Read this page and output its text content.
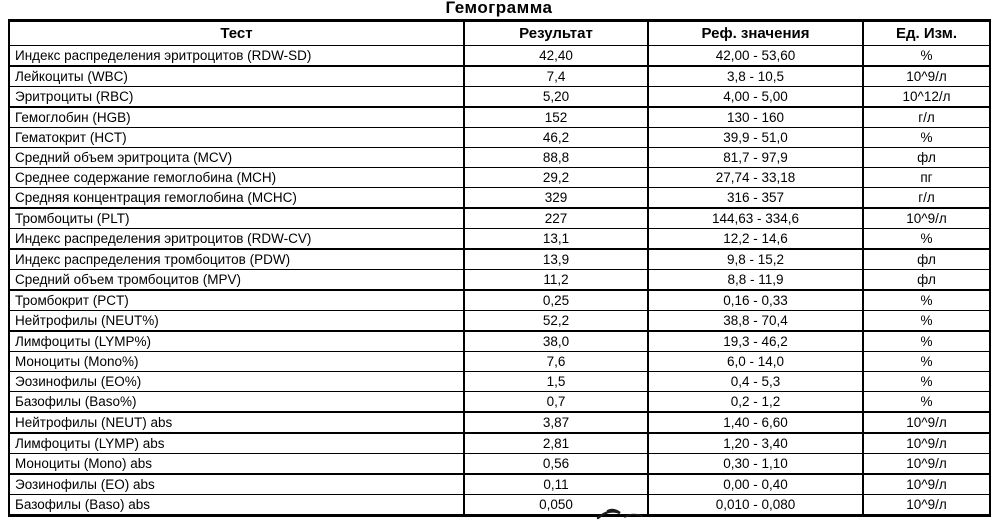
Гемограмма
Тест	Результат	Реф. значения	Ед. Изм.
Индекс распределения эритроцитов (RDW-SD)	42,40	42,00 - 53,60	%
Лейкоциты (WBC)	7,4	3,8 - 10,5	10^9/л
Эритроциты (RBC)	5,20	4,00 - 5,00	10^12/л
Гемоглобин (HGB)	152	130 - 160	г/л
Гематокрит (HCT)	46,2	39,9 - 51,0	%
Средний объем эритроцита (MCV)	88,8	81,7 - 97,9	фл
Среднее содержание гемоглобина (MCH)	29,2	27,74 - 33,18	пг
Средняя концентрация гемоглобина (MCHC)	329	316 - 357	г/л
Тромбоциты (PLT)	227	144,63 - 334,6	10^9/л
Индекс распределения эритроцитов (RDW-CV)	13,1	12,2 - 14,6	%
Индекс распределения тромбоцитов (PDW)	13,9	9,8 - 15,2	фл
Средний объем тромбоцитов (MPV)	11,2	8,8 - 11,9	фл
Тромбокрит (PCT)	0,25	0,16 - 0,33	%
Нейтрофилы (NEUT%)	52,2	38,8 - 70,4	%
Лимфоциты (LYMP%)	38,0	19,3 - 46,2	%
Моноциты (Mono%)	7,6	6,0 - 14,0	%
Эозинофилы (EO%)	1,5	0,4 - 5,3	%
Базофилы (Baso%)	0,7	0,2 - 1,2	%
Нейтрофилы (NEUT) abs	3,87	1,40 - 6,60	10^9/л
Лимфоциты (LYMP) abs	2,81	1,20 - 3,40	10^9/л
Моноциты (Mono) abs	0,56	0,30 - 1,10	10^9/л
Эозинофилы (EO) abs	0,11	0,00 - 0,40	10^9/л
Базофилы (Baso) abs	0,050	0,010 - 0,080	10^9/л
